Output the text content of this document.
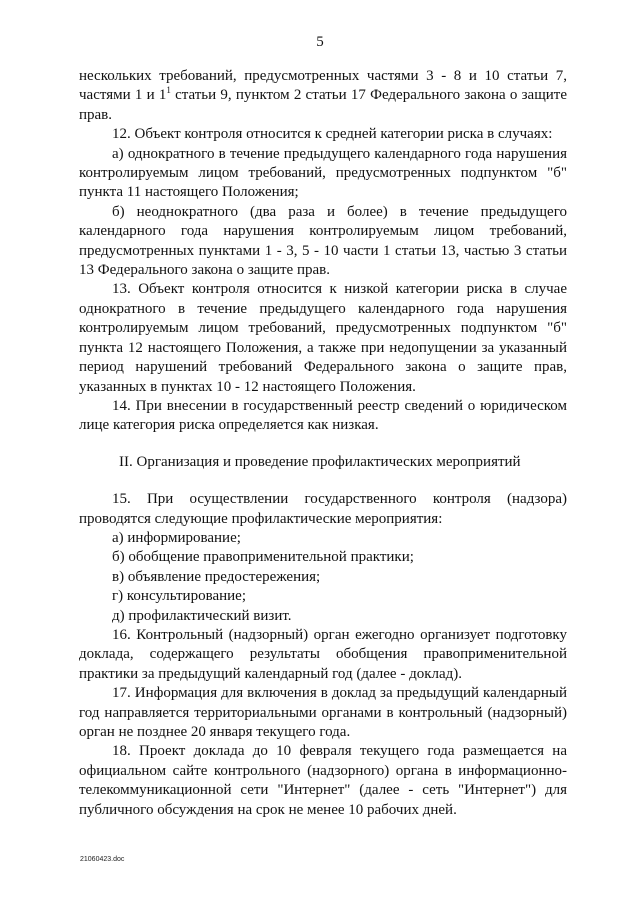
5

нескольких требований, предусмотренных частями 3 - 8 и 10 статьи 7, частями 1 и $1^1$ статьи 9, пунктом 2 статьи 17 Федерального закона о защите прав.

12. Объект контроля относится к средней категории риска в случаях:

а) однократного в течение предыдущего календарного года нарушения контролируемым лицом требований, предусмотренных подпунктом "б" пункта 11 настоящего Положения;

б) неоднократного (два раза и более) в течение предыдущего календарного года нарушения контролируемым лицом требований, предусмотренных пунктами 1 - 3, 5 - 10 части 1 статьи 13, частью 3 статьи 13 Федерального закона о защите прав.

13. Объект контроля относится к низкой категории риска в случае однократного в течение предыдущего календарного года нарушения контролируемым лицом требований, предусмотренных подпунктом "б" пункта 12 настоящего Положения, а также при недопущении за указанный период нарушений требований Федерального закона о защите прав, указанных в пунктах 10 - 12 настоящего Положения.

14. При внесении в государственный реестр сведений о юридическом лице категория риска определяется как низкая.

II. Организация и проведение профилактических мероприятий

15. При осуществлении государственного контроля (надзора) проводятся следующие профилактические мероприятия:

а) информирование;

б) обобщение правоприменительной практики;

в) объявление предостережения;

г) консультирование;

д) профилактический визит.

16. Контрольный (надзорный) орган ежегодно организует подготовку доклада, содержащего результаты обобщения правоприменительной практики за предыдущий календарный год (далее - доклад).

17. Информация для включения в доклад за предыдущий календарный год направляется территориальными органами в контрольный (надзорный) орган не позднее 20 января текущего года.

18. Проект доклада до 10 февраля текущего года размещается на официальном сайте контрольного (надзорного) органа в информационно-телекоммуникационной сети "Интернет" (далее - сеть "Интернет") для публичного обсуждения на срок не менее 10 рабочих дней.

21060423.doc
